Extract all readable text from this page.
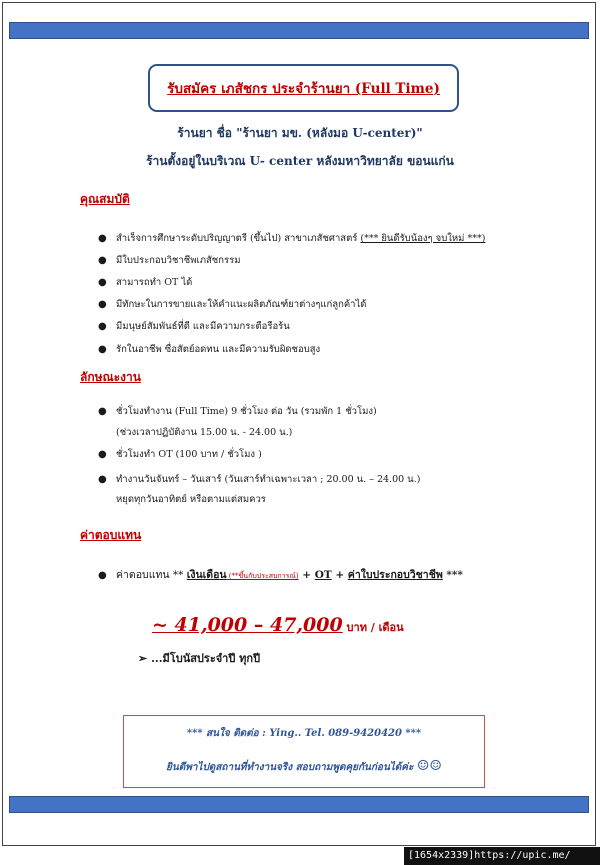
รับสมัคร เภสัชกร ประจำร้านยา (Full Time)
ร้านยา ชื่อ "ร้านยา มข. (หลังมอ U-center)"
ร้านตั้งอยู่ในบริเวณ U- center หลังมหาวิทยาลัย ขอนแก่น
คุณสมบัติ
● สำเร็จการศึกษาระดับปริญญาตรี (ขึ้นไป) สาขาเภสัชศาสตร์ (*** ยินดีรับน้องๆ จบใหม่ ***)
● มีใบประกอบวิชาชีพเภสัชกรรม
● สามารถทำ OT ได้
● มีทักษะในการขายและให้คำแนะผลิตภัณฑ์ยาต่างๆแก่ลูกค้าได้
● มีมนุษย์สัมพันธ์ที่ดี และมีความกระตือรือร้น
● รักในอาชีพ ซื่อสัตย์อดทน และมีความรับผิดชอบสูง
ลักษณะงาน
● ชั่วโมงทำงาน (Full Time) 9 ชั่วโมง ต่อ วัน (รวมพัก 1 ชั่วโมง)
(ช่วงเวลาปฏิบัติงาน 15.00 น. - 24.00 น.)
● ชั่วโมงทำ OT (100 บาท / ชั่วโมง )
● ทำงานวันจันทร์ – วันเสาร์ (วันเสาร์ทำเฉพาะเวลา ; 20.00 น. – 24.00 น.)
หยุดทุกวันอาทิตย์ หรือตามแต่สมควร
ค่าตอบแทน
● ค่าตอบแทน ** เงินเดือน (**ขึ้นกับประสบการณ์) + OT + ค่าใบประกอบวิชาชีพ ***
~ 41,000 – 47,000 บาท / เดือน
➢ ...มีโบนัสประจำปี ทุกปี
*** สนใจ ติดต่อ : Ying.. Tel. 089-9420420 ***
ยินดีพาไปดูสถานที่ทำงานจริง สอบถามพูดคุยกันก่อนได้ค่ะ ☺☺
[1654x2339]https://upic.me/
